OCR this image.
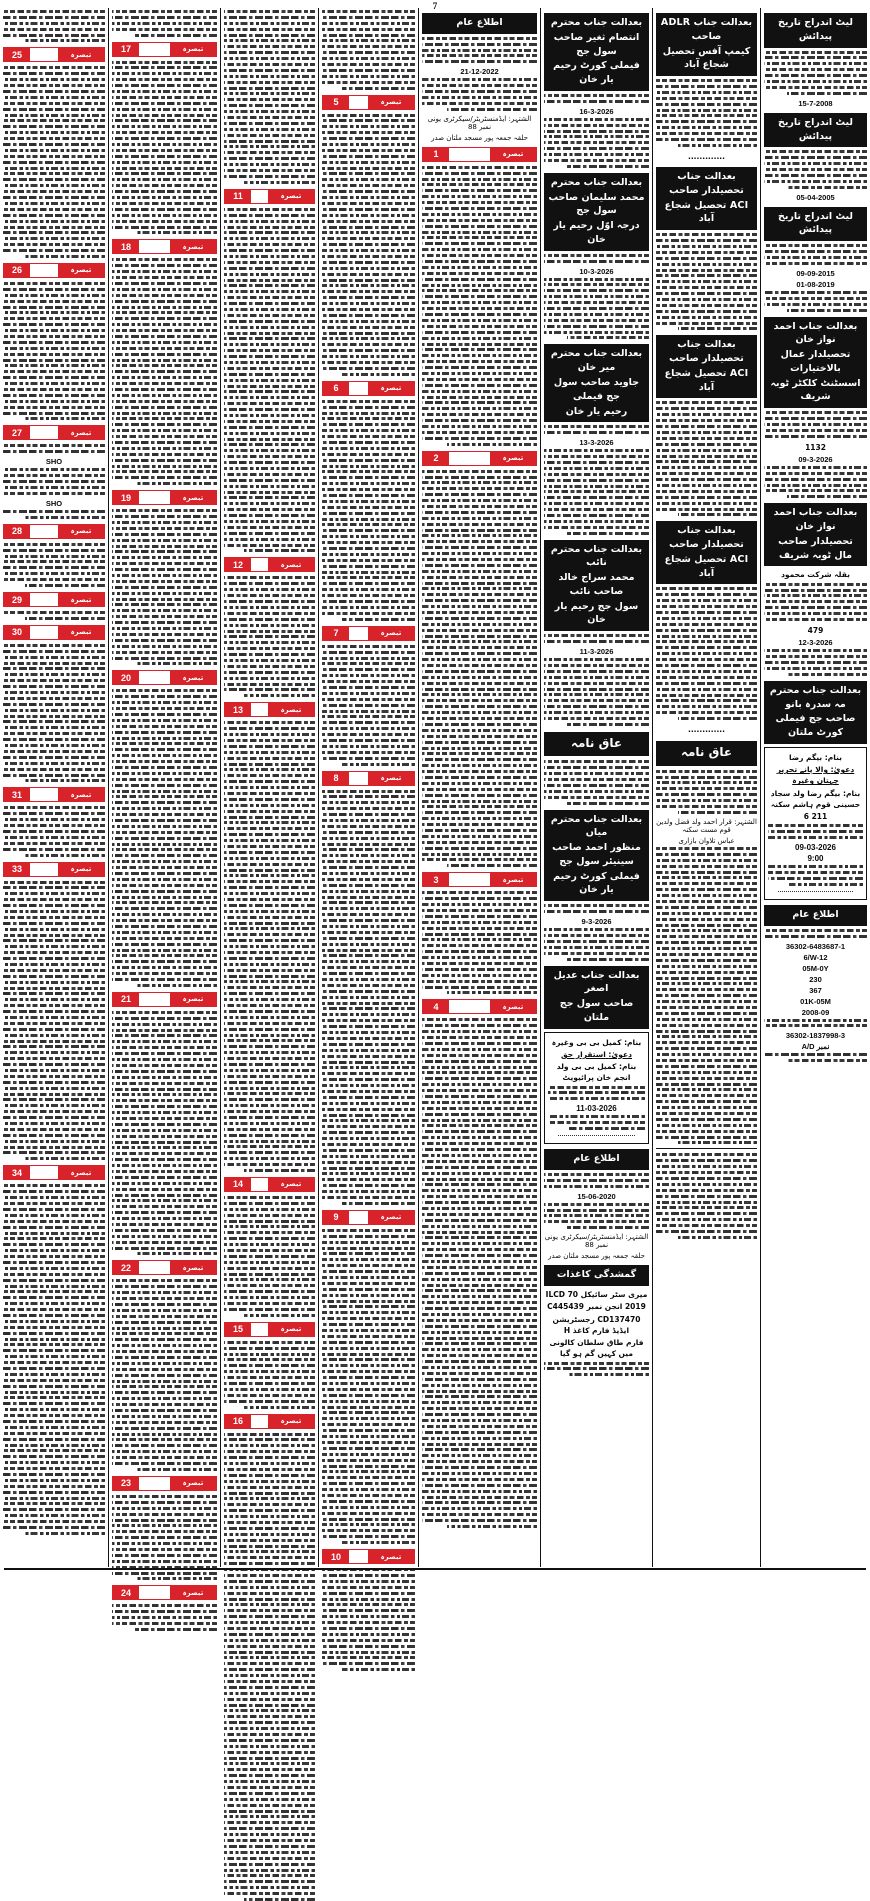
7
لیٹ اندراج تاریخ پیدائش
15-7-2008
لیٹ اندراج تاریخ پیدائش
05-04-2005
لیٹ اندراج تاریخ پیدائش
09-09-2015
01-08-2019
بعدالت جناب احمد نواز خان
تحصیلدار عمال بالاختیارات
اسسٹنٹ کلکٹر ٹوبہ شریف
1132
09-3-2026
بعدالت جناب احمد نواز خان
تحصیلدار صاحب مال ٹوبہ شریف
بقلہ شرکت محمود
479
12-3-2026
بعدالت جناب محترم مہ سدرہ بانو
صاحب جج فیملی کورٹ ملتان
بنام: بیگم رضا
دعویٰ: والا پانے تحریر چہتان وغیرہ
بنام: بیگم رضا ولد سجاد حسینی قوم ہاشم سکنہ
211 6
09-03-2026
9:00
اطلاع عام
36302-6483687-1
6/W-12
05M-0Y
230
367
01K-05M
2008-09
36302-1837998-3
A/D نمبر
بعدالت جناب ADLR صاحب
کیمپ آفس تحصیل شجاع آباد
.............
بعدالت جناب تحصیلدار صاحب
ACI تحصیل شجاع آباد
بعدالت جناب تحصیلدار صاحب
ACI تحصیل شجاع آباد
بعدالت جناب تحصیلدار صاحب
ACI تحصیل شجاع آباد
.............
عاق نامہ
الشتہر: قرار احمد ولد فضل ولدین قوم مست سکنہ
عباس تلاوان بازاری
بعدالت جناب محترم
انتصام ثغیر صاحب سول جج
فیملی کورٹ رحیم یار خان
16-3-2026
بعدالت جناب محترم
محمد سلیمان صاحب سول جج
درجہ اوّل رحیم یار خان
10-3-2026
بعدالت جناب محترم میر خان
جاوید صاحب سول جج فیملی
رحیم یار خان
13-3-2026
بعدالت جناب محترم نائب
محمد سراج خالد صاحب نائب
سول جج رحیم یار خان
11-3-2026
عاق نامہ
بعدالت جناب محترم میاں
منظور احمد صاحب سینیئر سول جج
فیملی کورٹ رحیم یار خان
9-3-2026
بعدالت جناب عدیل اصغر
صاحب سول جج ملتان
بنام: کمیل بی بی وغیرہ
دعویٰ: استقرار حق
بنام: کمیل بی بی ولد انجم خان پرائیویٹ
11-03-2026
اطلاع عام
15-06-2020
الشتہر: ایڈمنسٹریٹر/سیکرٹری یونی نمبر 88
حلقہ جمعہ پور مسجد ملتان صدر
گمشدگی کاغذات
میری سٹر سائیکل 70 ILCD
2019 انجن نمبر C445439
CD137470 رجسٹریشن ایڈیڈ فارم کاغذ H
فارم طاق سلطان کالونی میں کہیں گم ہو گیا
اطلاع عام
21-12-2022
الشتہر: ایڈمنسٹریٹر/سیکرٹری یونی نمبر 88
حلقہ جمعہ پور مسجد ملتان صدر
1	تبصرہ
2	تبصرہ
3	تبصرہ
4	تبصرہ
5	تبصرہ
6	تبصرہ
7	تبصرہ
8	تبصرہ
9	تبصرہ
10	تبصرہ
11	تبصرہ
12	تبصرہ
13	تبصرہ
14	تبصرہ
15	تبصرہ
16	تبصرہ
17	تبصرہ
18	تبصرہ
19	تبصرہ
20	تبصرہ
21	تبصرہ
22	تبصرہ
23	تبصرہ
24	تبصرہ
25	تبصرہ
26	تبصرہ
27	تبصرہ
SHO
SHO
28	تبصرہ
29	تبصرہ
30	تبصرہ
31	تبصرہ
33	تبصرہ
34	تبصرہ
